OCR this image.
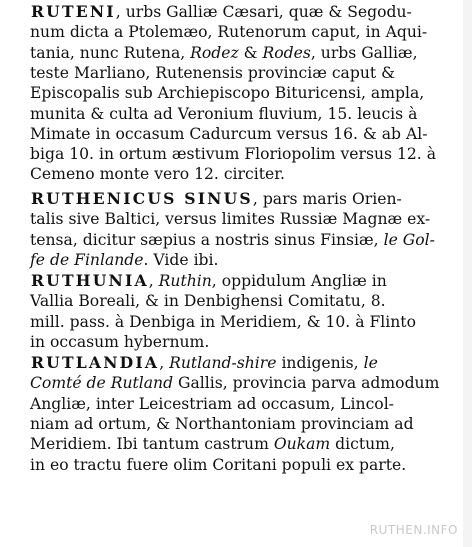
RUTENI, urbs Galliæ Cæsari, quæ & Segodu-
num dicta a Ptolemæo, Rutenorum caput, in Aqui-
tania, nunc Rutena, Rodez & Rodes, urbs Galliæ,
teste Marliano, Rutenensis provinciæ caput &
Episcopalis sub Archiepiscopo Bituricensi, ampla,
munita & culta ad Veronium fluvium, 15. leucis à
Mimate in occasum Cadurcum versus 16. & ab Al-
biga 10. in ortum æstivum Floriopolim versus 12. à
Cemeno monte vero 12. circiter.
RUTHENICUS SINUS, pars maris Orien-
talis sive Baltici, versus limites Russiæ Magnæ ex-
tensa, dicitur sæpius a nostris sinus Finsiæ, le Gol-
fe de Finlande. Vide ibi.
RUTHUNIA, Ruthin, oppidulum Angliæ in
Vallia Boreali, & in Denbighensi Comitatu, 8.
mill. pass. à Denbiga in Meridiem, & 10. à Flinto
in occasum hybernum.
RUTLANDIA, Rutland-shire indigenis, le
Comté de Rutland Gallis, provincia parva admodum
Angliæ, inter Leicestriam ad occasum, Lincol-
niam ad ortum, & Northantoniam provinciam ad
Meridiem. Ibi tantum castrum Oukam dictum,
in eo tractu fuere olim Coritani populi ex parte.
RUTHEN.INFO
